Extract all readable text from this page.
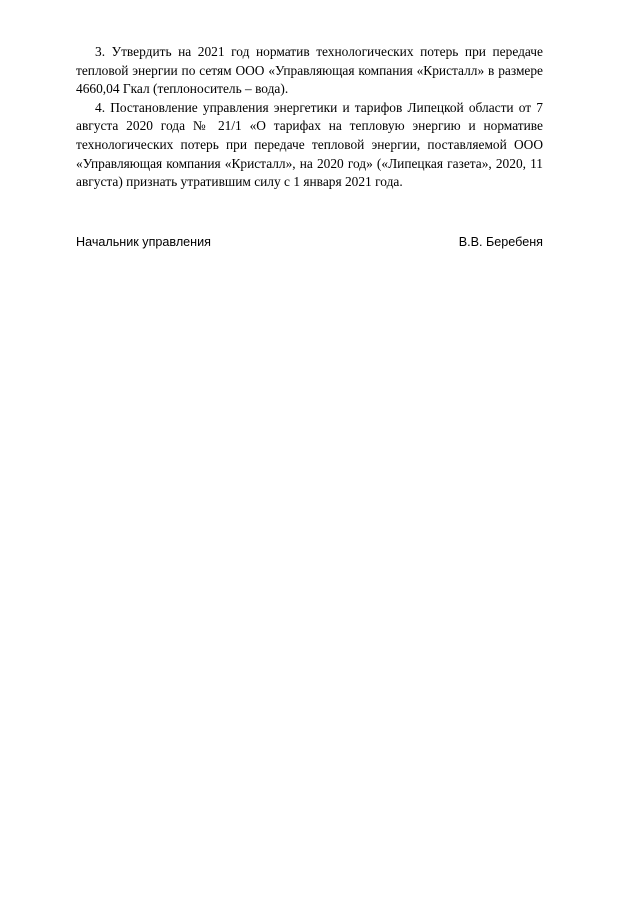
3. Утвердить на 2021 год норматив технологических потерь при передаче тепловой энергии по сетям ООО «Управляющая компания «Кристалл» в размере 4660,04 Гкал (теплоноситель – вода).

4. Постановление управления энергетики и тарифов Липецкой области от 7 августа 2020 года № 21/1 «О тарифах на тепловую энергию и нормативе технологических потерь при передаче тепловой энергии, поставляемой ООО «Управляющая компания «Кристалл», на 2020 год» («Липецкая газета», 2020, 11 августа) признать утратившим силу с 1 января 2021 года.

Начальник управления	В.В. Беребеня
